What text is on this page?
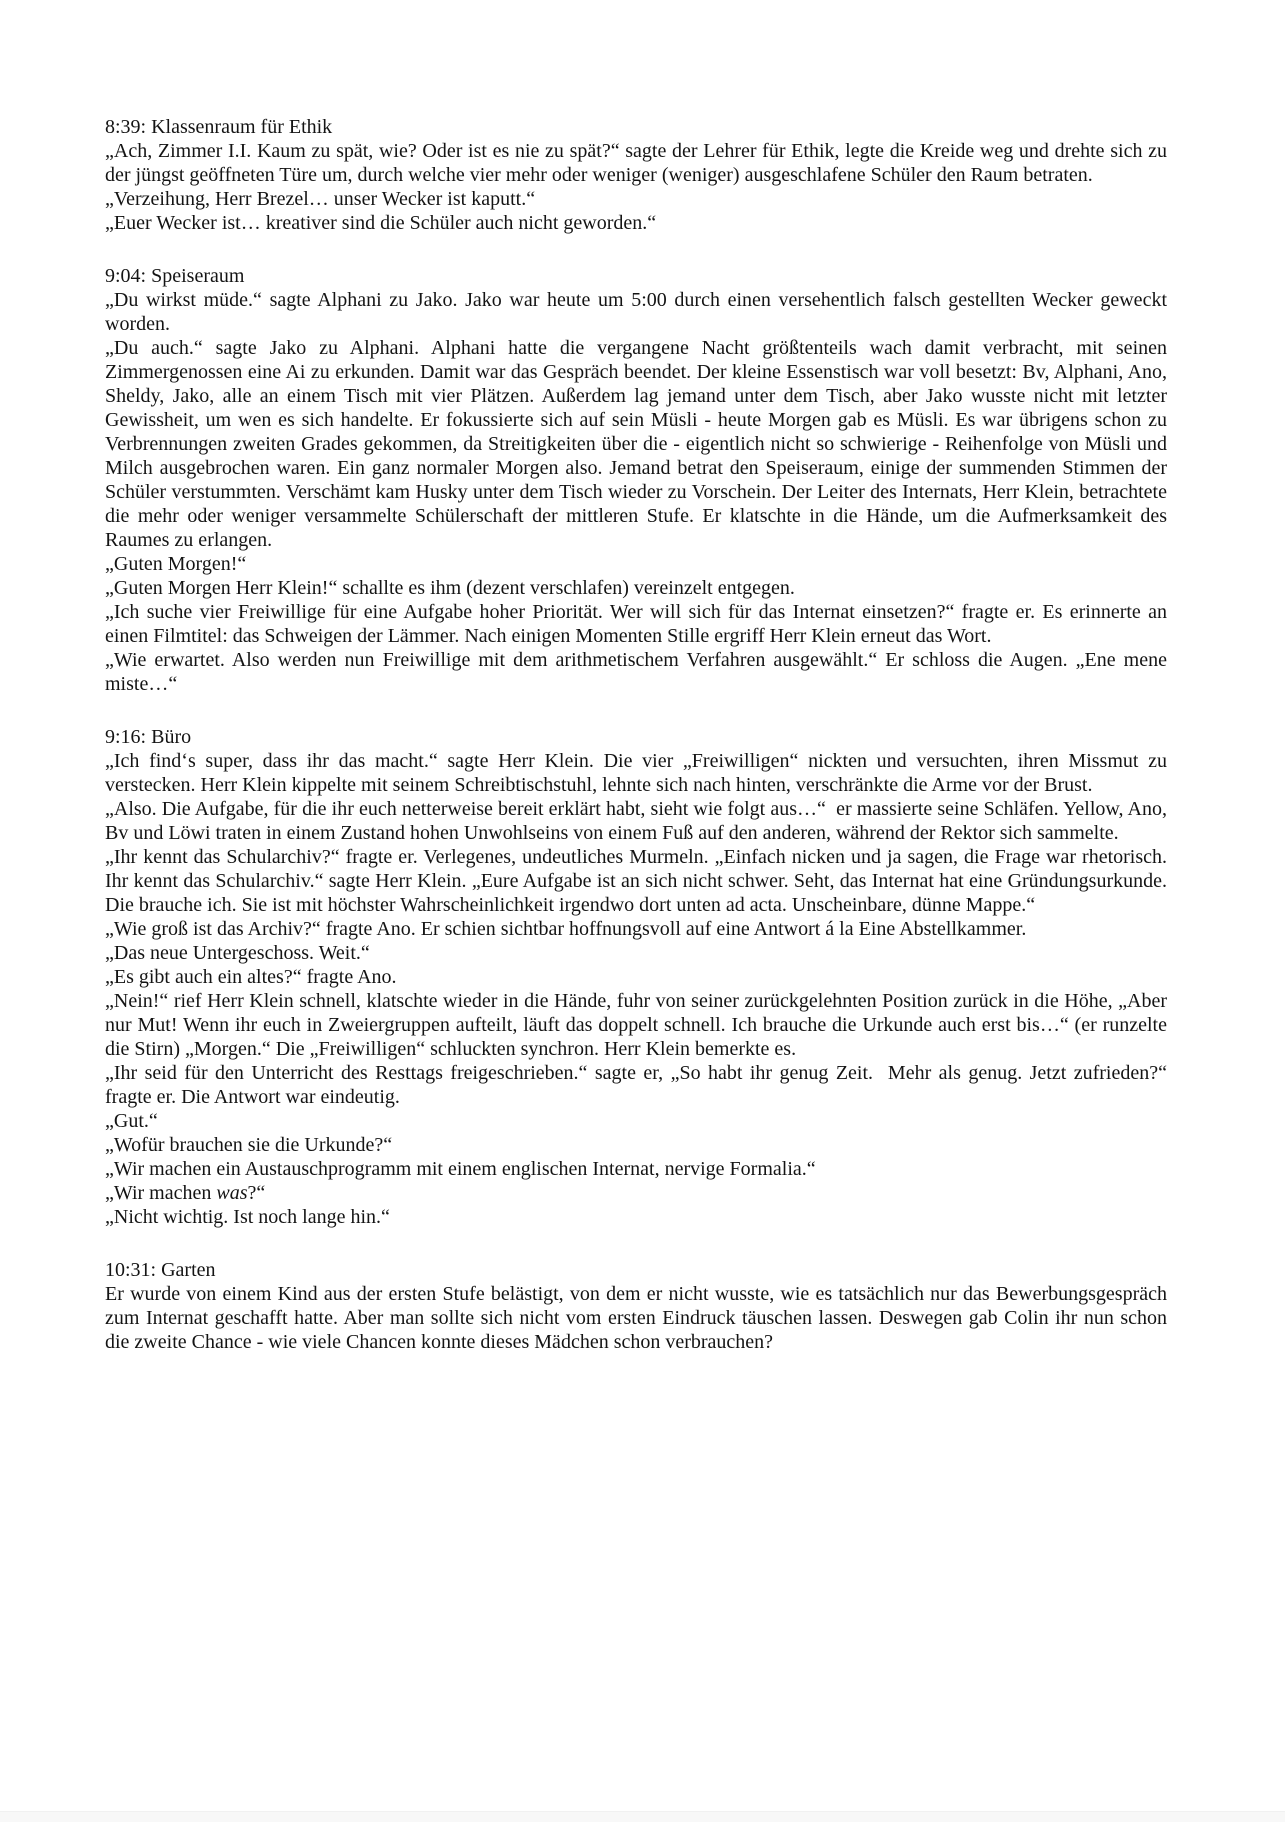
8:39: Klassenraum für Ethik

„Ach, Zimmer I.I. Kaum zu spät, wie? Oder ist es nie zu spät?“ sagte der Lehrer für Ethik, legte die Kreide weg und drehte sich zu der jüngst geöffneten Türe um, durch welche vier mehr oder weniger (weniger) ausgeschlafene Schüler den Raum betraten.

„Verzeihung, Herr Brezel… unser Wecker ist kaputt.“

„Euer Wecker ist… kreativer sind die Schüler auch nicht geworden.“

9:04: Speiseraum

„Du wirkst müde.“ sagte Alphani zu Jako. Jako war heute um 5:00 durch einen versehentlich falsch gestellten Wecker geweckt worden.

„Du auch.“ sagte Jako zu Alphani. Alphani hatte die vergangene Nacht größtenteils wach damit verbracht, mit seinen Zimmergenossen eine Ai zu erkunden. Damit war das Gespräch beendet. Der kleine Essenstisch war voll besetzt: Bv, Alphani, Ano, Sheldy, Jako, alle an einem Tisch mit vier Plätzen. Außerdem lag jemand unter dem Tisch, aber Jako wusste nicht mit letzter Gewissheit, um wen es sich handelte. Er fokussierte sich auf sein Müsli - heute Morgen gab es Müsli. Es war übrigens schon zu Verbrennungen zweiten Grades gekommen, da Streitigkeiten über die - eigentlich nicht so schwierige - Reihenfolge von Müsli und Milch ausgebrochen waren. Ein ganz normaler Morgen also. Jemand betrat den Speiseraum, einige der summenden Stimmen der Schüler verstummten. Verschämt kam Husky unter dem Tisch wieder zu Vorschein. Der Leiter des Internats, Herr Klein, betrachtete die mehr oder weniger versammelte Schülerschaft der mittleren Stufe. Er klatschte in die Hände, um die Aufmerksamkeit des Raumes zu erlangen.

„Guten Morgen!“

„Guten Morgen Herr Klein!“ schallte es ihm (dezent verschlafen) vereinzelt entgegen.

„Ich suche vier Freiwillige für eine Aufgabe hoher Priorität. Wer will sich für das Internat einsetzen?“ fragte er. Es erinnerte an einen Filmtitel: das Schweigen der Lämmer. Nach einigen Momenten Stille ergriff Herr Klein erneut das Wort.

„Wie erwartet. Also werden nun Freiwillige mit dem arithmetischem Verfahren ausgewählt.“ Er schloss die Augen. „Ene mene miste…“

9:16: Büro

„Ich find‘s super, dass ihr das macht.“ sagte Herr Klein. Die vier „Freiwilligen“ nickten und versuchten, ihren Missmut zu verstecken. Herr Klein kippelte mit seinem Schreibtischstuhl, lehnte sich nach hinten, verschränkte die Arme vor der Brust.

„Also. Die Aufgabe, für die ihr euch netterweise bereit erklärt habt, sieht wie folgt aus…“  er massierte seine Schläfen. Yellow, Ano, Bv und Löwi traten in einem Zustand hohen Unwohlseins von einem Fuß auf den anderen, während der Rektor sich sammelte.

„Ihr kennt das Schularchiv?“ fragte er. Verlegenes, undeutliches Murmeln. „Einfach nicken und ja sagen, die Frage war rhetorisch. Ihr kennt das Schularchiv.“ sagte Herr Klein. „Eure Aufgabe ist an sich nicht schwer. Seht, das Internat hat eine Gründungsurkunde. Die brauche ich. Sie ist mit höchster Wahrscheinlichkeit irgendwo dort unten ad acta. Unscheinbare, dünne Mappe.“

„Wie groß ist das Archiv?“ fragte Ano. Er schien sichtbar hoffnungsvoll auf eine Antwort á la Eine Abstellkammer.

„Das neue Untergeschoss. Weit.“

„Es gibt auch ein altes?“ fragte Ano.

„Nein!“ rief Herr Klein schnell, klatschte wieder in die Hände, fuhr von seiner zurückgelehnten Position zurück in die Höhe, „Aber nur Mut! Wenn ihr euch in Zweiergruppen aufteilt, läuft das doppelt schnell. Ich brauche die Urkunde auch erst bis…“ (er runzelte die Stirn) „Morgen.“ Die „Freiwilligen“ schluckten synchron. Herr Klein bemerkte es.

„Ihr seid für den Unterricht des Resttags freigeschrieben.“ sagte er, „So habt ihr genug Zeit.  Mehr als genug. Jetzt zufrieden?“ fragte er. Die Antwort war eindeutig.

„Gut.“

„Wofür brauchen sie die Urkunde?“

„Wir machen ein Austauschprogramm mit einem englischen Internat, nervige Formalia.“

„Wir machen was?“

„Nicht wichtig. Ist noch lange hin.“

10:31: Garten

Er wurde von einem Kind aus der ersten Stufe belästigt, von dem er nicht wusste, wie es tatsächlich nur das Bewerbungsgespräch zum Internat geschafft hatte. Aber man sollte sich nicht vom ersten Eindruck täuschen lassen. Deswegen gab Colin ihr nun schon die zweite Chance - wie viele Chancen konnte dieses Mädchen schon verbrauchen?
